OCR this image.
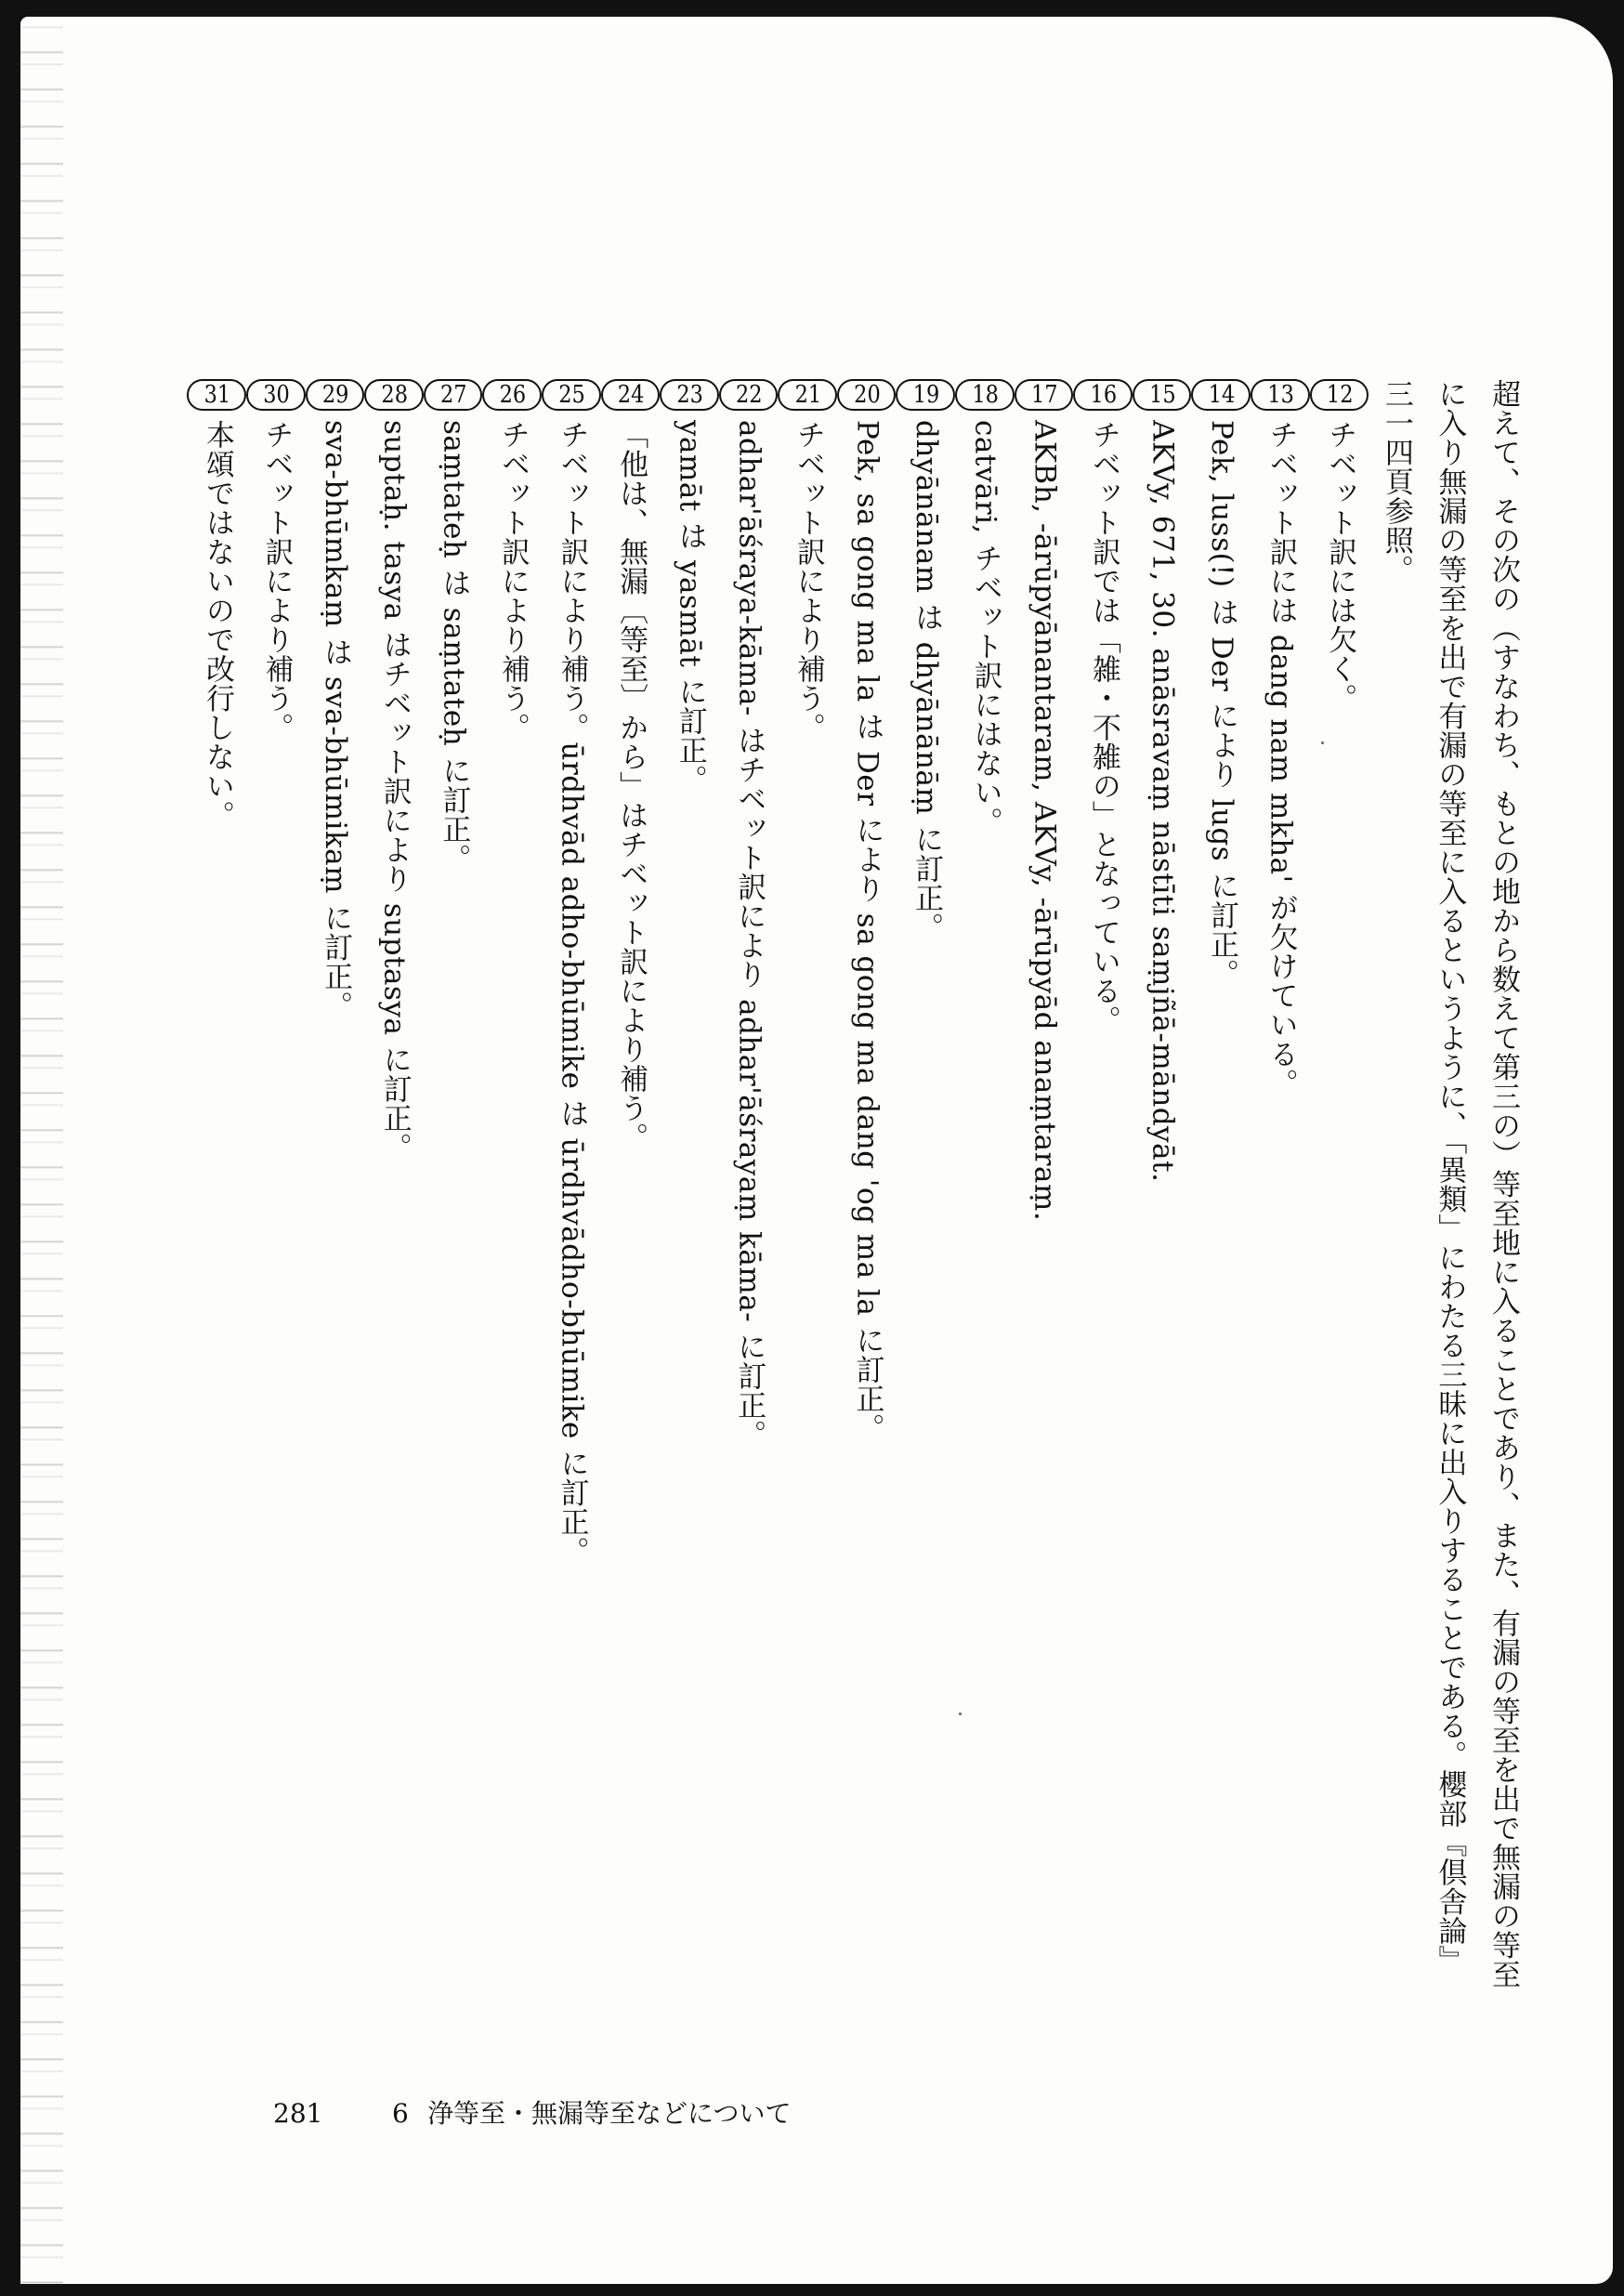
超えて、その次の（すなわち、もとの地から数えて第三の）等至地に入ることであり、また、有漏の等至を出で無漏の等至
に入り無漏の等至を出で有漏の等至に入るというように、「異類」にわたる三昧に出入りすることである。櫻部『倶舎論』
三一四頁参照。
12チベット訳には欠く。
13チベット訳には dang nam mkha' が欠けている。
14Pek, luss(!) は Der により lugs に訂正。
15AKVy, 671, 30. anāsravaṃ nāstīti saṃjñā-māndyāt.
16チベット訳では「雑・不雑の」となっている。
17AKBh, -ārūpyānantaram, AKVy, -ārūpyād anaṃtaraṃ.
18catvāri, チベット訳にはない。
19dhyānānam は dhyānānāṃ に訂正。
20Pek, sa gong ma la は Der により sa gong ma dang 'og ma la に訂正。
21チベット訳により補う。
22adhar'āśraya-kāma- はチベット訳により adhar'āśrayaṃ kāma- に訂正。
23yamāt は yasmāt に訂正。
24「他は、無漏〔等至〕から」はチベット訳により補う。
25チベット訳により補う。ūrdhvād adho-bhūmike は ūrdhvādho-bhūmike に訂正。
26チベット訳により補う。
27saṃtateḥ は saṃtateḥ に訂正。
28suptaḥ. tasya はチベット訳により suptasya に訂正。
29sva-bhūmkaṃ は sva-bhūmikaṃ に訂正。
30チベット訳により補う。
31本頌ではないので改行しない。
281	6 浄等至・無漏等至などについて
